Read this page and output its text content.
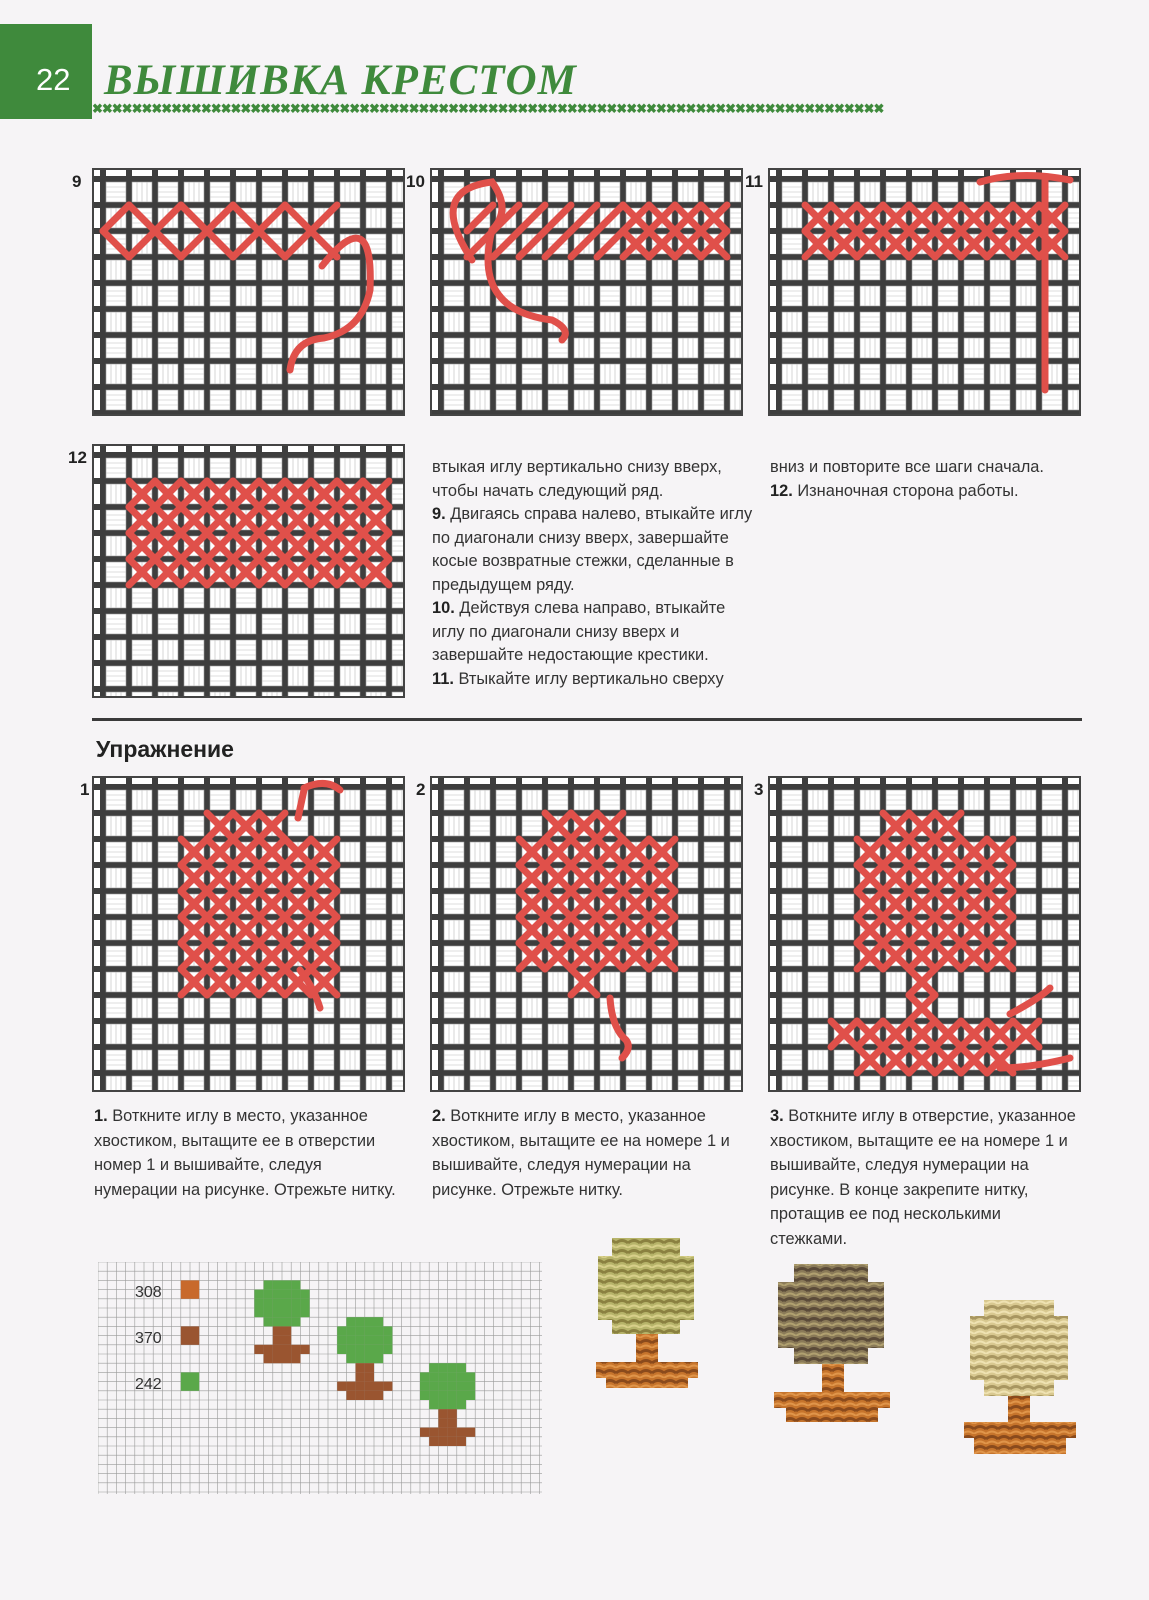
22 ВЫШИВКА КРЕСТОМ
✖✖✖✖✖✖✖✖✖✖✖✖✖✖✖✖✖✖✖✖✖✖✖✖✖✖✖✖✖✖✖✖✖✖✖✖✖✖✖✖✖✖✖✖✖✖✖✖✖✖✖✖✖✖✖✖✖✖✖✖✖✖✖✖✖✖✖✖✖✖✖✖✖✖✖✖✖✖✖✖
9	10	11
12	втыкая иглу вертикально снизу вверх, чтобы начать следующий ряд.

9. Двигаясь справа налево, втыкайте иглу по диагонали снизу вверх, завершайте косые возвратные стежки, сделанные в предыдущем ряду.

10. Действуя слева направо, втыкайте иглу по диагонали снизу вверх и завершайте недостающие крестики.

11. Втыкайте иглу вертикально сверху

вниз и повторите все шаги сначала.

12. Изнаночная сторона работы.

Упражнение
1	2	3
1. Воткните иглу в место, указанное хвостиком, вытащите ее в отверстии номер 1 и вышивайте, следуя нумерации на рисунке. Отрежьте нитку.
2. Воткните иглу в место, указанное хвостиком, вытащите ее на номере 1 и вышивайте, следуя нумерации на рисунке. Отрежьте нитку.
3. Воткните иглу в отверстие, указанное хвостиком, вытащите ее на номере 1 и вышивайте, следуя нумерации на рисунке. В конце закрепите нитку, протащив ее под несколькими стежками.
308
370
242
